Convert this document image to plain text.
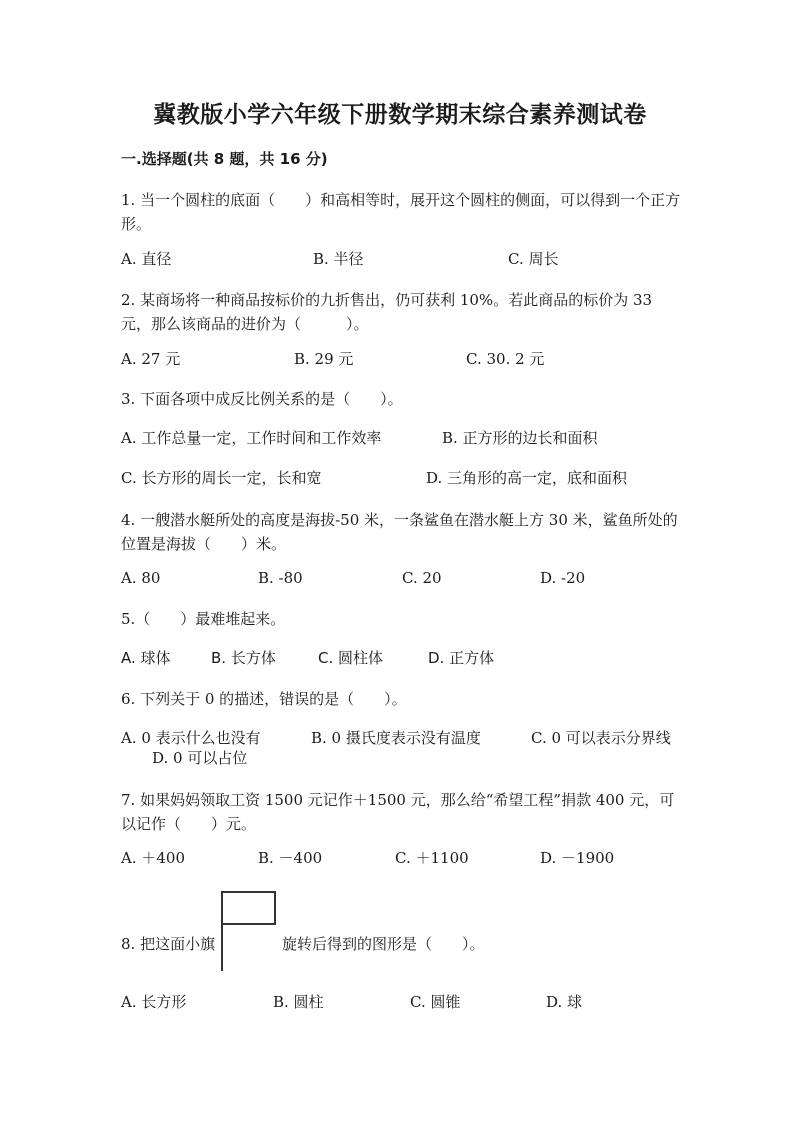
冀教版小学六年级下册数学期末综合素养测试卷
一.选择题(共 8 题，共 16 分)
1. 当一个圆柱的底面（　　）和高相等时，展开这个圆柱的侧面，可以得到一个正方形。
A. 直径	B. 半径	C. 周长
2. 某商场将一种商品按标价的九折售出，仍可获利 10%。若此商品的标价为 33 元，那么该商品的进价为（　　　）。
A. 27 元	B. 29 元	C. 30. 2 元
3. 下面各项中成反比例关系的是（　　）。
A. 工作总量一定，工作时间和工作效率	B. 正方形的边长和面积
C. 长方形的周长一定，长和宽	D. 三角形的高一定，底和面积
4. 一艘潜水艇所处的高度是海拔-50 米，一条鲨鱼在潜水艇上方 30 米，鲨鱼所处的位置是海拔（　　）米。
A. 80	B. -80	C. 20	D. -20
5.（　　）最难堆起来。
A. 球体	B. 长方体	C. 圆柱体	D. 正方体
6. 下列关于 0 的描述，错误的是（　　）。
A. 0 表示什么也没有	B. 0 摄氏度表示没有温度	C. 0 可以表示分界线
D. 0 可以占位
7. 如果妈妈领取工资 1500 元记作＋1500 元，那么给“希望工程”捐款 400 元，可以记作（　　）元。
A. ＋400	B. －400	C. ＋1100	D. －1900
8. 把这面小旗	旋转后得到的图形是（　　）。
A. 长方形	B. 圆柱	C. 圆锥	D. 球
